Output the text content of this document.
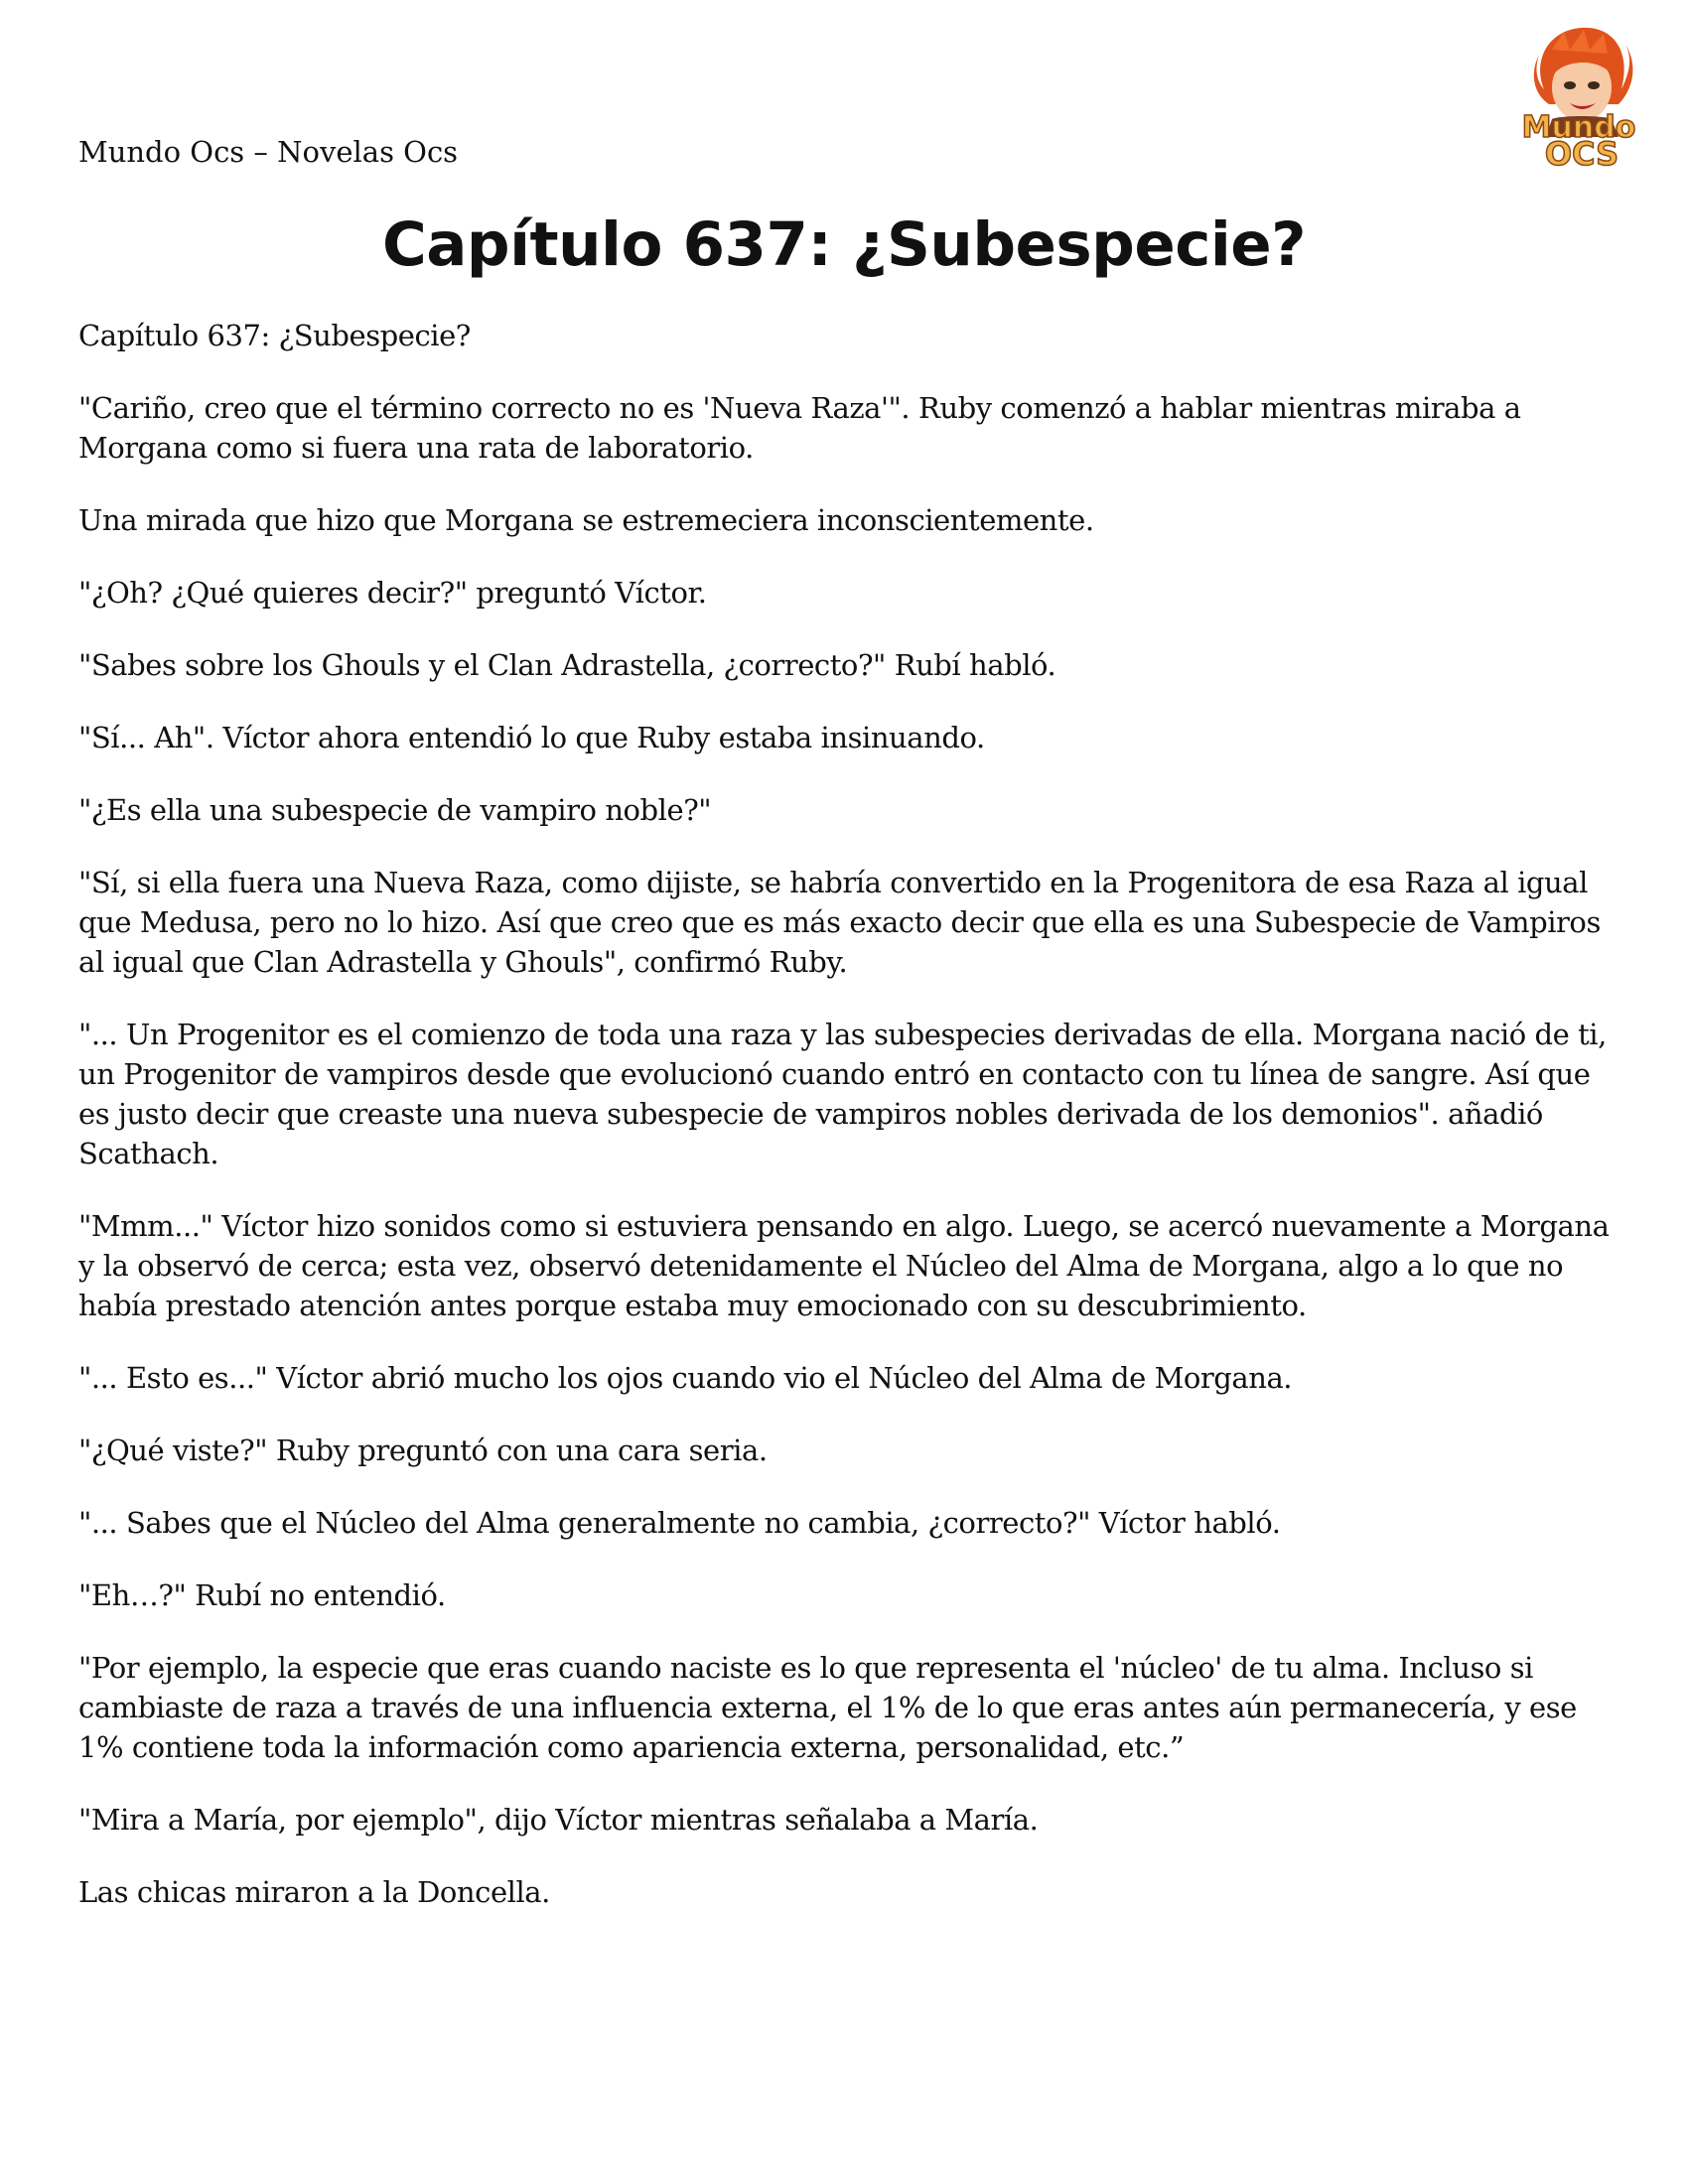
Mundo Ocs – Novelas Ocs
Mundo
OCS
Capítulo 637: ¿Subespecie?

Capítulo 637: ¿Subespecie?

"Cariño, creo que el término correcto no es 'Nueva Raza'". Ruby comenzó a hablar mientras miraba a Morgana como si fuera una rata de laboratorio.

Una mirada que hizo que Morgana se estremeciera inconscientemente.

"¿Oh? ¿Qué quieres decir?" preguntó Víctor.

"Sabes sobre los Ghouls y el Clan Adrastella, ¿correcto?" Rubí habló.

"Sí... Ah". Víctor ahora entendió lo que Ruby estaba insinuando.

"¿Es ella una subespecie de vampiro noble?"

"Sí, si ella fuera una Nueva Raza, como dijiste, se habría convertido en la Progenitora de esa Raza al igual que Medusa, pero no lo hizo. Así que creo que es más exacto decir que ella es una Subespecie de Vampiros al igual que Clan Adrastella y Ghouls", confirmó Ruby.

"... Un Progenitor es el comienzo de toda una raza y las subespecies derivadas de ella. Morgana nació de ti, un Progenitor de vampiros desde que evolucionó cuando entró en contacto con tu línea de sangre. Así que es justo decir que creaste una nueva subespecie de vampiros nobles derivada de los demonios". añadió Scathach.

"Mmm..." Víctor hizo sonidos como si estuviera pensando en algo. Luego, se acercó nuevamente a Morgana y la observó de cerca; esta vez, observó detenidamente el Núcleo del Alma de Morgana, algo a lo que no había prestado atención antes porque estaba muy emocionado con su descubrimiento.

"... Esto es..." Víctor abrió mucho los ojos cuando vio el Núcleo del Alma de Morgana.

"¿Qué viste?" Ruby preguntó con una cara seria.

"... Sabes que el Núcleo del Alma generalmente no cambia, ¿correcto?" Víctor habló.

"Eh…?" Rubí no entendió.

"Por ejemplo, la especie que eras cuando naciste es lo que representa el 'núcleo' de tu alma. Incluso si cambiaste de raza a través de una influencia externa, el 1% de lo que eras antes aún permanecería, y ese 1% contiene toda la información como apariencia externa, personalidad, etc.”

"Mira a María, por ejemplo", dijo Víctor mientras señalaba a María.

Las chicas miraron a la Doncella.
